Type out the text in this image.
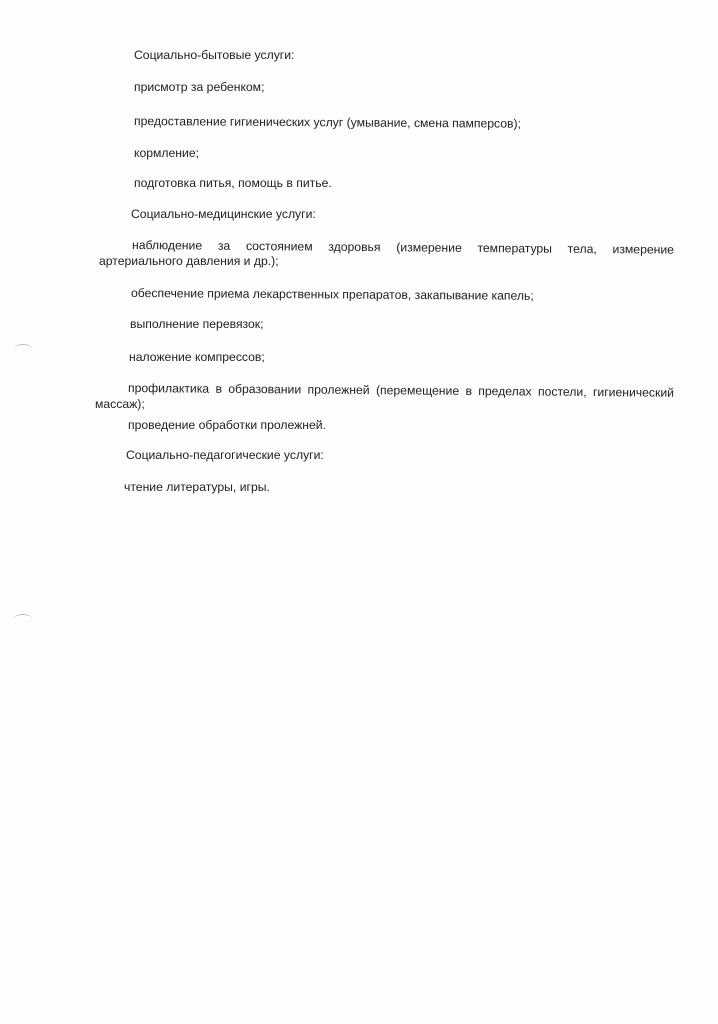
Социально-бытовые услуги:
присмотр за ребенком;
предоставление гигиенических услуг (умывание, смена памперсов);
кормление;
подготовка питья, помощь в питье.
Социально-медицинские услуги:
наблюдение за состоянием здоровья (измерение температуры тела, измерение
артериального давления и др.);
обеспечение приема лекарственных препаратов, закапывание капель;
выполнение перевязок;
наложение компрессов;
профилактика в образовании пролежней (перемещение в пределах постели, гигиенический
массаж);
проведение обработки пролежней.
Социально-педагогические услуги:
чтение литературы, игры.
